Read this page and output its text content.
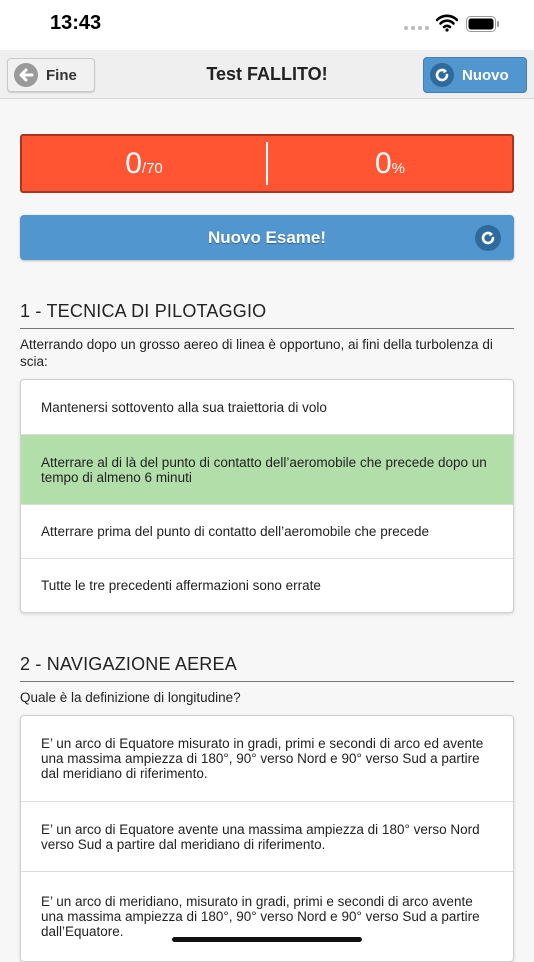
13:43
Fine	Test FALLITO!	Nuovo
0 /70	0 %
Nuovo Esame!
1 - TECNICA DI PILOTAGGIO
Atterrando dopo un grosso aereo di linea è opportuno, ai fini della turbolenza di scia:
Mantenersi sottovento alla sua traiettoria di volo
Atterrare al di là del punto di contatto dell’aeromobile che precede dopo un tempo di almeno 6 minuti
Atterrare prima del punto di contatto dell’aeromobile che precede
Tutte le tre precedenti affermazioni sono errate
2 - NAVIGAZIONE AEREA
Quale è la definizione di longitudine?
E’ un arco di Equatore misurato in gradi, primi e secondi di arco ed avente una massima ampiezza di 180°, 90° verso Nord e 90° verso Sud a partire dal meridiano di riferimento.
E’ un arco di Equatore avente una massima ampiezza di 180° verso Nord verso Sud a partire dal meridiano di riferimento.
E’ un arco di meridiano, misurato in gradi, primi e secondi di arco avente una massima ampiezza di 180°, 90° verso Nord e 90° verso Sud a partire dall’Equatore.
